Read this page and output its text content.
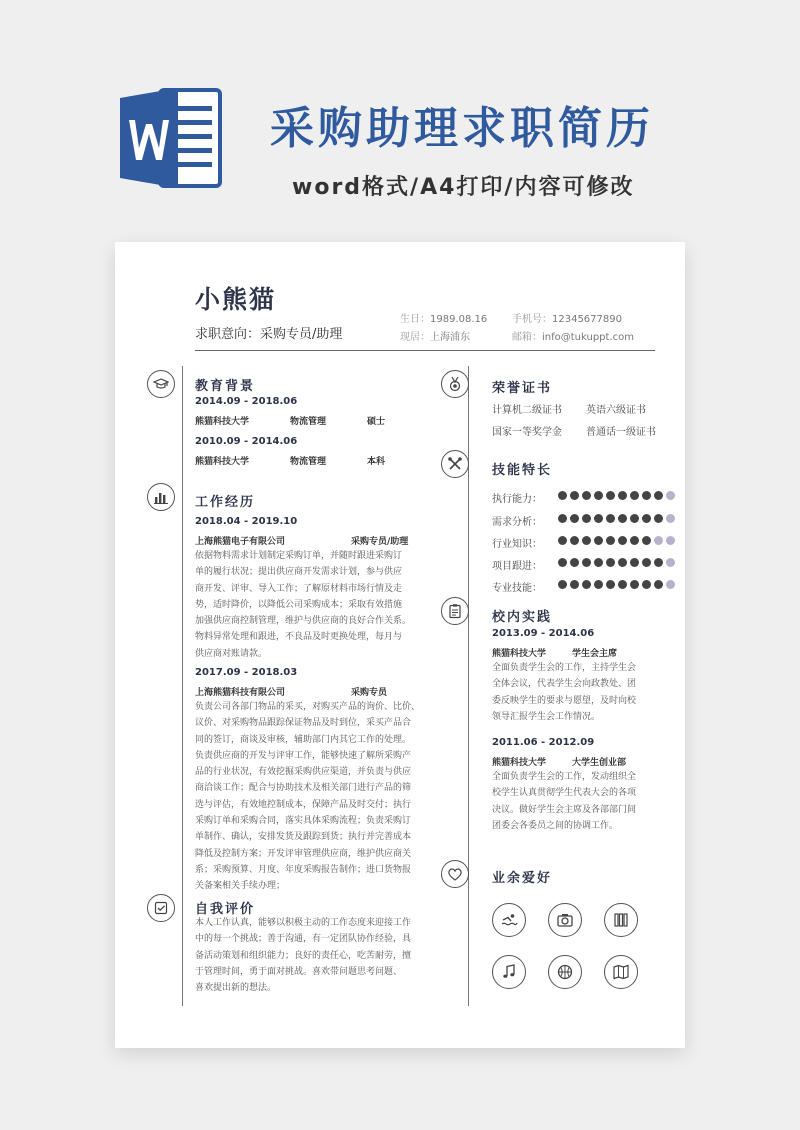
采购助理求职简历
word格式/A4打印/内容可修改
小熊猫
求职意向：采购专员/助理
生日：1989.08.16
现居：上海浦东
手机号：12345677890
邮箱：info@tukuppt.com
教育背景
2014.09 - 2018.06
熊猫科技大学	物流管理	硕士
2010.09 - 2014.06
熊猫科技大学	物流管理	本科
工作经历
2018.04 - 2019.10
上海熊猫电子有限公司	采购专员/助理
依据物料需求计划制定采购订单，并随时跟进采购订
单的履行状况；提出供应商开发需求计划，参与供应
商开发、评审、导入工作；了解原材料市场行情及走
势，适时降价，以降低公司采购成本；采取有效措施
加强供应商控制管理，维护与供应商的良好合作关系。
物料异常处理和跟进，不良品及时更换处理，每月与
供应商对账请款。
2017.09 - 2018.03
上海熊猫科技有限公司	采购专员
负责公司各部门物品的采买，对购买产品的询价、比价、
议价、对采购物品跟踪保证物品及时到位，采买产品合
同的签订，商谈及审核，辅助部门内其它工作的处理。
负责供应商的开发与评审工作，能够快速了解所采购产
品的行业状况，有效挖掘采购供应渠道，并负责与供应
商洽谈工作；配合与协助技术及相关部门进行产品的筛
选与评估，有效地控制成本，保障产品及时交付；执行
采购订单和采购合同，落实具体采购流程；负责采购订
单制作、确认，安排发货及跟踪到货；执行并完善成本
降低及控制方案；开发评审管理供应商，维护供应商关
系；采购预算、月度、年度采购报告制作；进口货物报
关备案相关手续办理；
自我评价
本人工作认真，能够以积极主动的工作态度来迎接工作
中的每一个挑战；善于沟通，有一定团队协作经验，具
备活动策划和组织能力；良好的责任心，吃苦耐劳，擅
于管理时间，勇于面对挑战。喜欢带问题思考问题、
喜欢提出新的想法。
荣誉证书
计算机二级证书 英语六级证书
国家一等奖学金 普通话一级证书
技能特长
执行能力：
需求分析：
行业知识：
项目跟进：
专业技能：
校内实践
2013.09 - 2014.06
熊猫科技大学	学生会主席
全面负责学生会的工作，主持学生会
全体会议，代表学生会向政教处、团
委反映学生的要求与愿望，及时向校
领导汇报学生会工作情况。
2011.06 - 2012.09
熊猫科技大学	大学生创业部
全面负责学生会的工作，发动组织全
校学生认真贯彻学生代表大会的各项
决议。做好学生会主席及各部部门间
团委会各委员之间的协调工作。
业余爱好
